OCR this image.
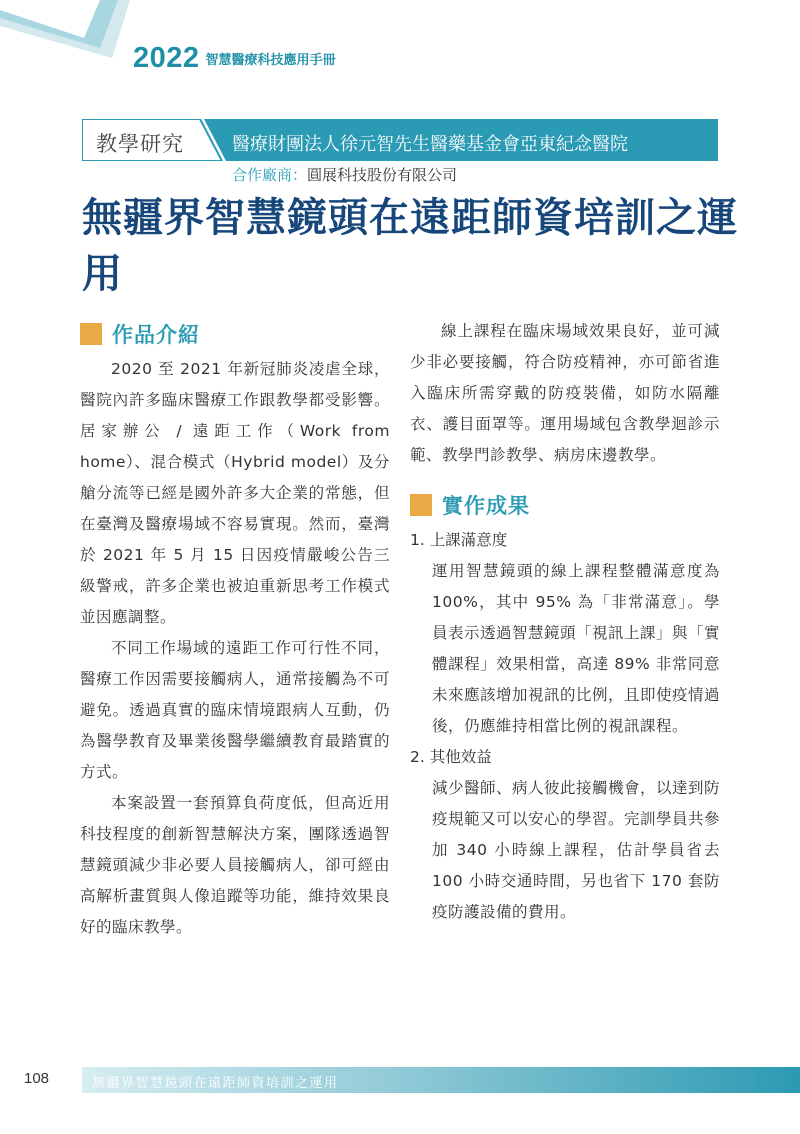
2022 智慧醫療科技應用手冊
教學研究	醫療財團法人徐元智先生醫藥基金會亞東紀念醫院
合作廠商：圓展科技股份有限公司
無疆界智慧鏡頭在遠距師資培訓之運用
作品介紹

2020 至 2021 年新冠肺炎凌虐全球，醫院內許多臨床醫療工作跟教學都受影響。居家辦公 / 遠距工作（Work from home）、混合模式（Hybrid model）及分艙分流等已經是國外許多大企業的常態，但在臺灣及醫療場域不容易實現。然而，臺灣於 2021 年 5 月 15 日因疫情嚴峻公告三級警戒，許多企業也被迫重新思考工作模式並因應調整。

不同工作場域的遠距工作可行性不同，醫療工作因需要接觸病人，通常接觸為不可避免。透過真實的臨床情境跟病人互動，仍為醫學教育及畢業後醫學繼續教育最踏實的方式。

本案設置一套預算負荷度低，但高近用科技程度的創新智慧解決方案，團隊透過智慧鏡頭減少非必要人員接觸病人，卻可經由高解析畫質與人像追蹤等功能，維持效果良好的臨床教學。

線上課程在臨床場域效果良好，並可減少非必要接觸，符合防疫精神，亦可節省進入臨床所需穿戴的防疫裝備，如防水隔離衣、護目面罩等。運用場域包含教學迴診示範、教學門診教學、病房床邊教學。

實作成果

1. 上課滿意度

運用智慧鏡頭的線上課程整體滿意度為 100%，其中 95% 為「非常滿意」。學員表示透過智慧鏡頭「視訊上課」與「實體課程」效果相當，高達 89% 非常同意未來應該增加視訊的比例，且即使疫情過後，仍應維持相當比例的視訊課程。

2. 其他效益

減少醫師、病人彼此接觸機會，以達到防疫規範又可以安心的學習。完訓學員共參加 340 小時線上課程，估計學員省去 100 小時交通時間，另也省下 170 套防疫防護設備的費用。

108	無疆界智慧鏡頭在遠距師資培訓之運用
